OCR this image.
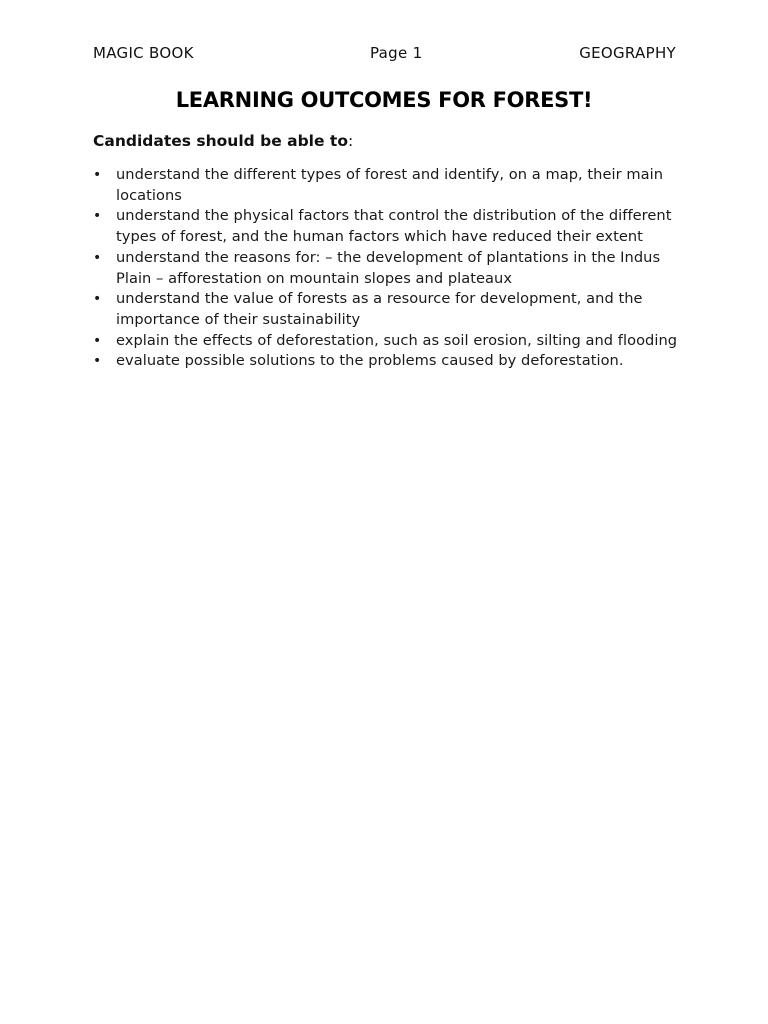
MAGIC BOOK	Page 1	GEOGRAPHY
LEARNING OUTCOMES FOR FOREST!
Candidates should be able to:
• understand the different types of forest and identify, on a map, their main locations
• understand the physical factors that control the distribution of the different types of forest, and the human factors which have reduced their extent
• understand the reasons for: – the development of plantations in the Indus Plain – afforestation on mountain slopes and plateaux
• understand the value of forests as a resource for development, and the importance of their sustainability
• explain the effects of deforestation, such as soil erosion, silting and flooding
• evaluate possible solutions to the problems caused by deforestation.
